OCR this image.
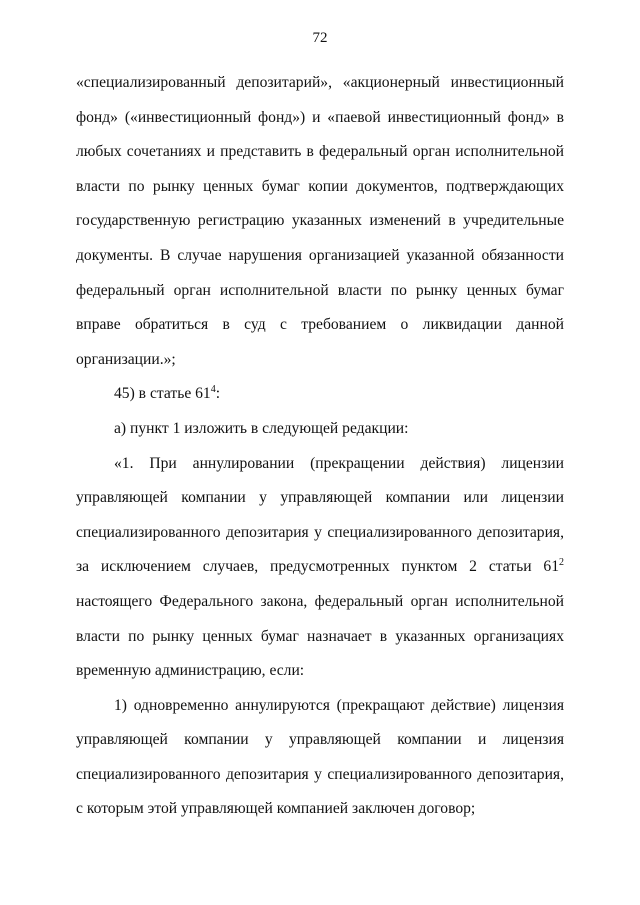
72

«специализированный депозитарий», «акционерный инвестиционный фонд» («инвестиционный фонд») и «паевой инвестиционный фонд» в любых сочетаниях и представить в федеральный орган исполнительной власти по рынку ценных бумаг копии документов, подтверждающих государственную регистрацию указанных изменений в учредительные документы. В случае нарушения организацией указанной обязанности федеральный орган исполнительной власти по рынку ценных бумаг вправе обратиться в суд с требованием о ликвидации данной организации.»;

45) в статье $61^4$:

а) пункт 1 изложить в следующей редакции:

«1. При аннулировании (прекращении действия) лицензии управляющей компании у управляющей компании или лицензии специализированного депозитария у специализированного депозитария, за исключением случаев, предусмотренных пунктом 2 статьи $61^2$ настоящего Федерального закона, федеральный орган исполнительной власти по рынку ценных бумаг назначает в указанных организациях временную администрацию, если:

1) одновременно аннулируются (прекращают действие) лицензия управляющей компании у управляющей компании и лицензия специализированного депозитария у специализированного депозитария, с которым этой управляющей компанией заключен договор;
